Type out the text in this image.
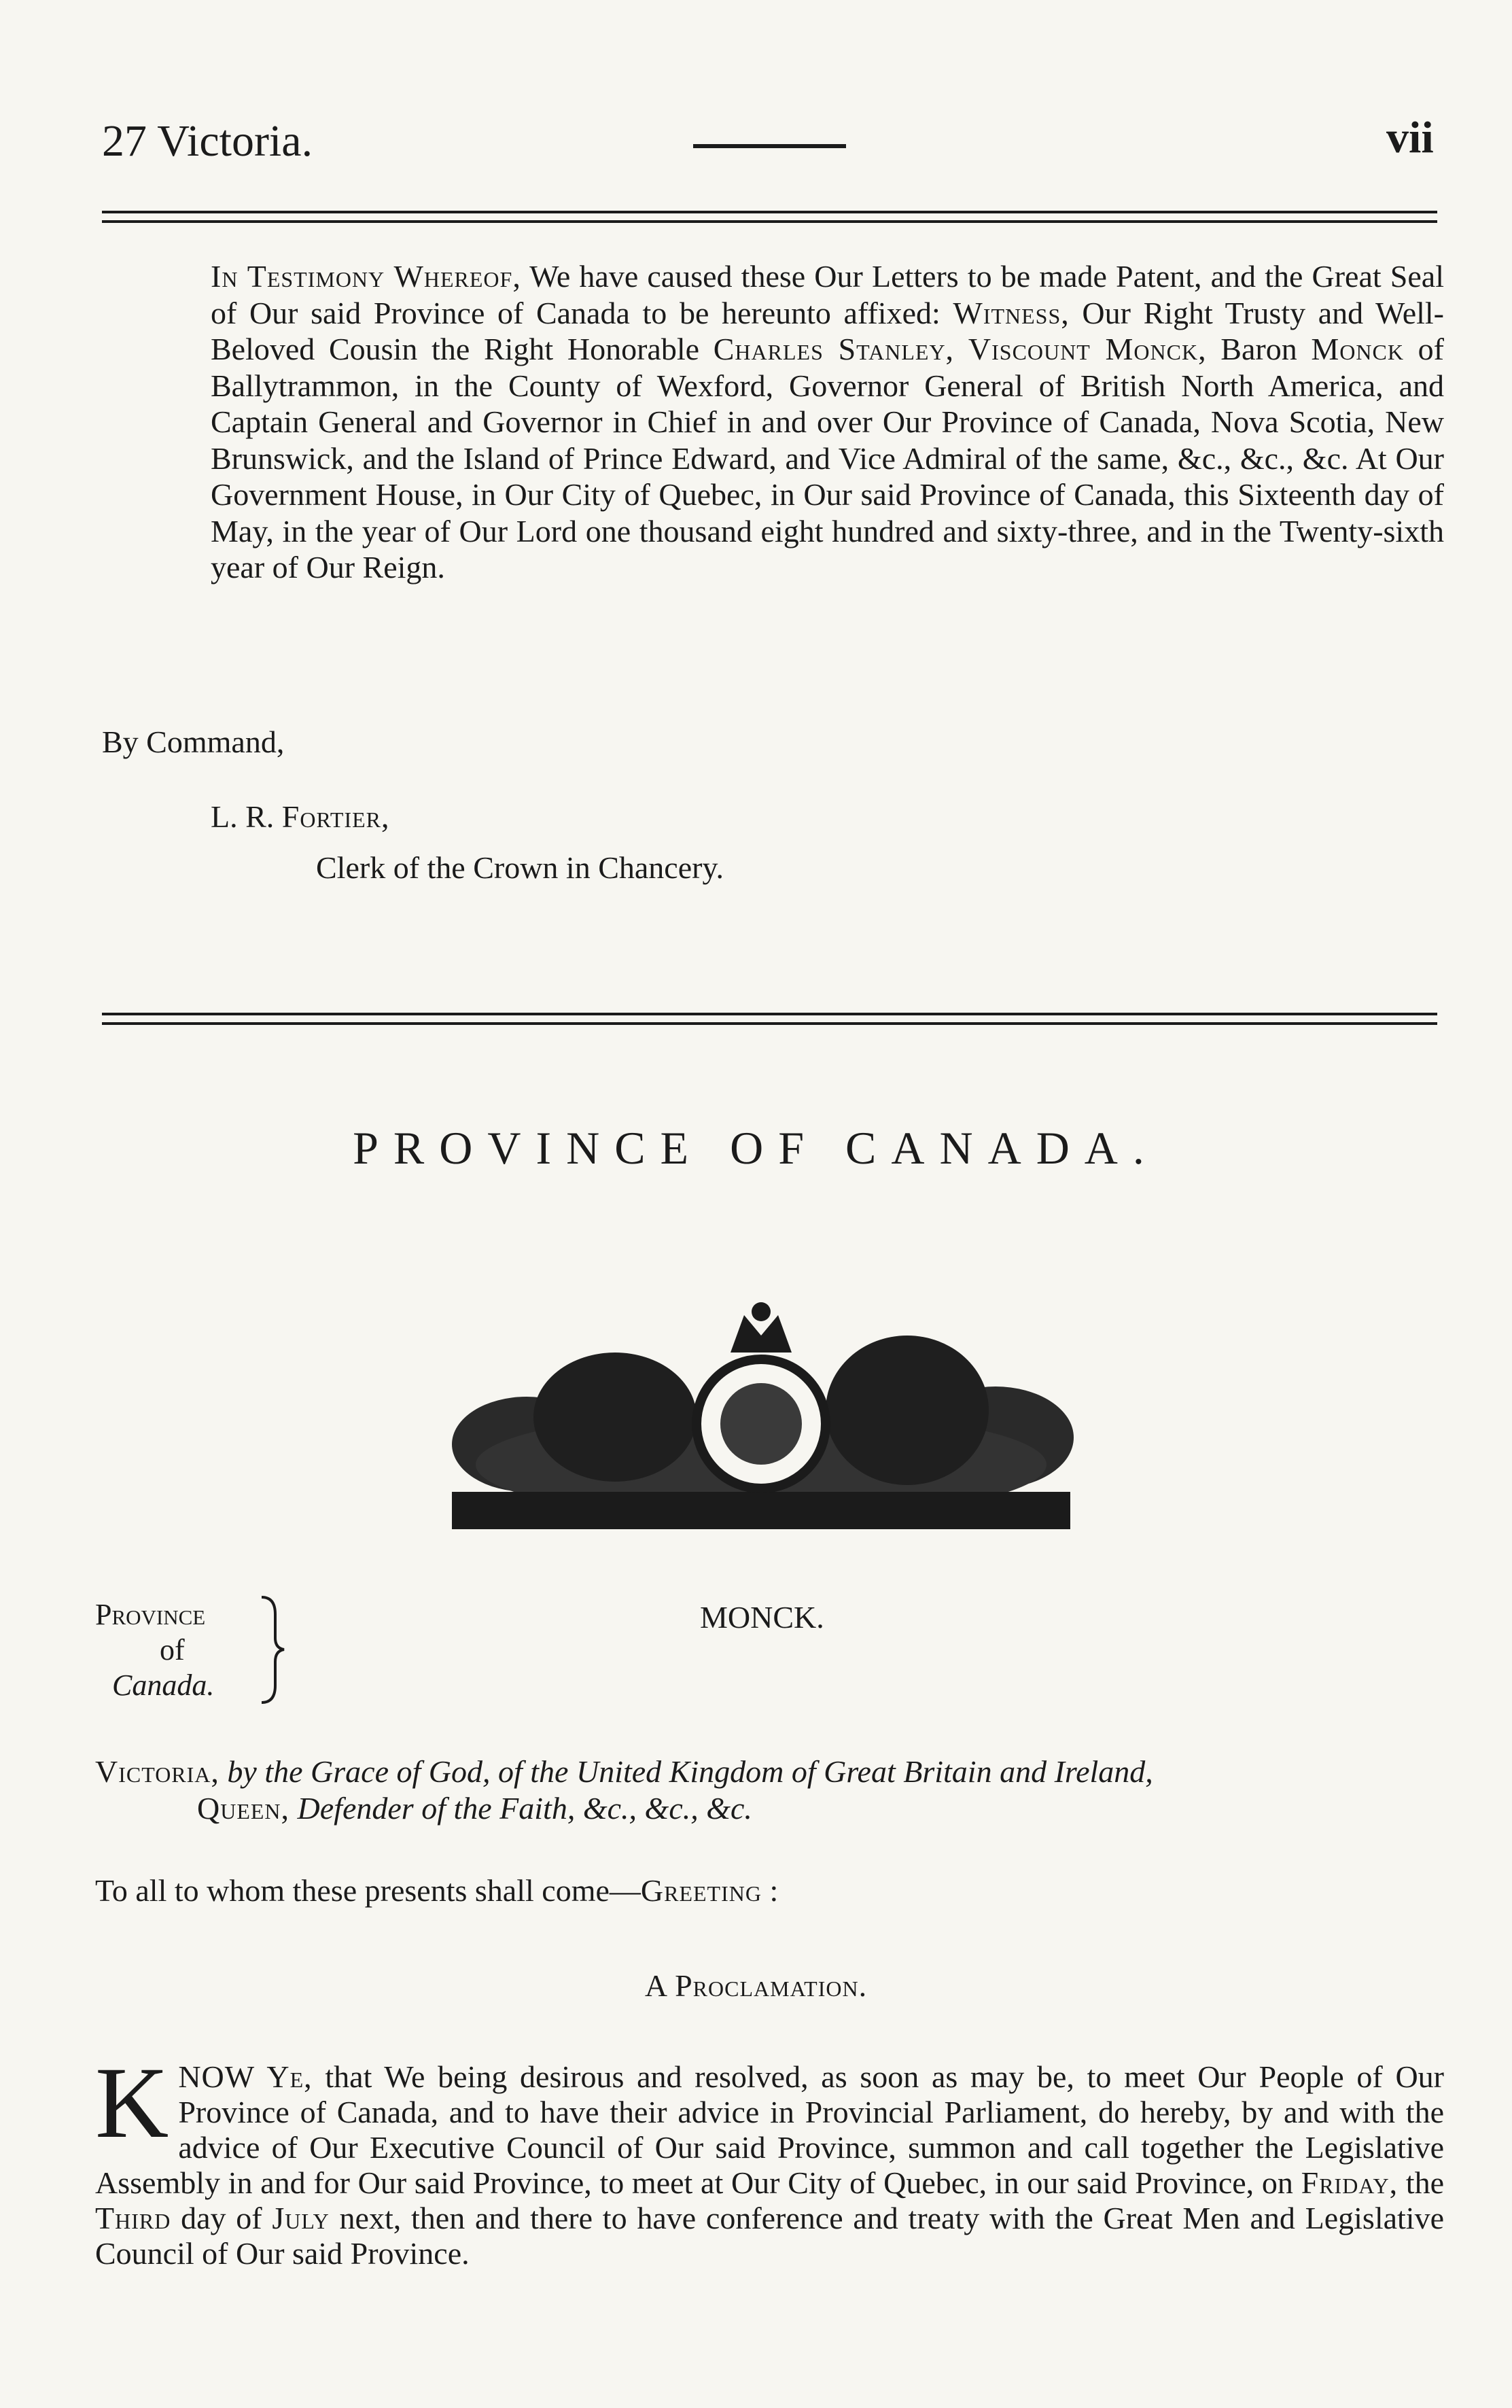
27 Victoria.	vii

In Testimony Whereof, We have caused these Our Letters to be made Patent, and the Great Seal of Our said Province of Canada to be hereunto affixed: Witness, Our Right Trusty and Well-Beloved Cousin the Right Honorable Charles Stanley, Viscount Monck, Baron Monck of Ballytrammon, in the County of Wexford, Governor General of British North America, and Captain General and Governor in Chief in and over Our Province of Canada, Nova Scotia, New Brunswick, and the Island of Prince Edward, and Vice Admiral of the same, &c., &c., &c. At Our Government House, in Our City of Quebec, in Our said Province of Canada, this Sixteenth day of May, in the year of Our Lord one thousand eight hundred and sixty-three, and in the Twenty-sixth year of Our Reign.

By Command,
L. R. Fortier,
Clerk of the Crown in Chancery.
PROVINCE OF CANADA.
Province
of
Canada.
MONCK.
Victoria, by the Grace of God, of the United Kingdom of Great Britain and Ireland,
Queen, Defender of the Faith, &c., &c., &c.
To all to whom these presents shall come—Greeting :
A Proclamation.
KNOW Ye, that We being desirous and resolved, as soon as may be, to meet Our People of Our Province of Canada, and to have their advice in Provincial Parliament, do hereby, by and with the advice of Our Executive Council of Our said Province, summon and call together the Legislative Assembly in and for Our said Province, to meet at Our City of Quebec, in our said Province, on Friday, the Third day of July next, then and there to have conference and treaty with the Great Men and Legislative Council of Our said Province.
